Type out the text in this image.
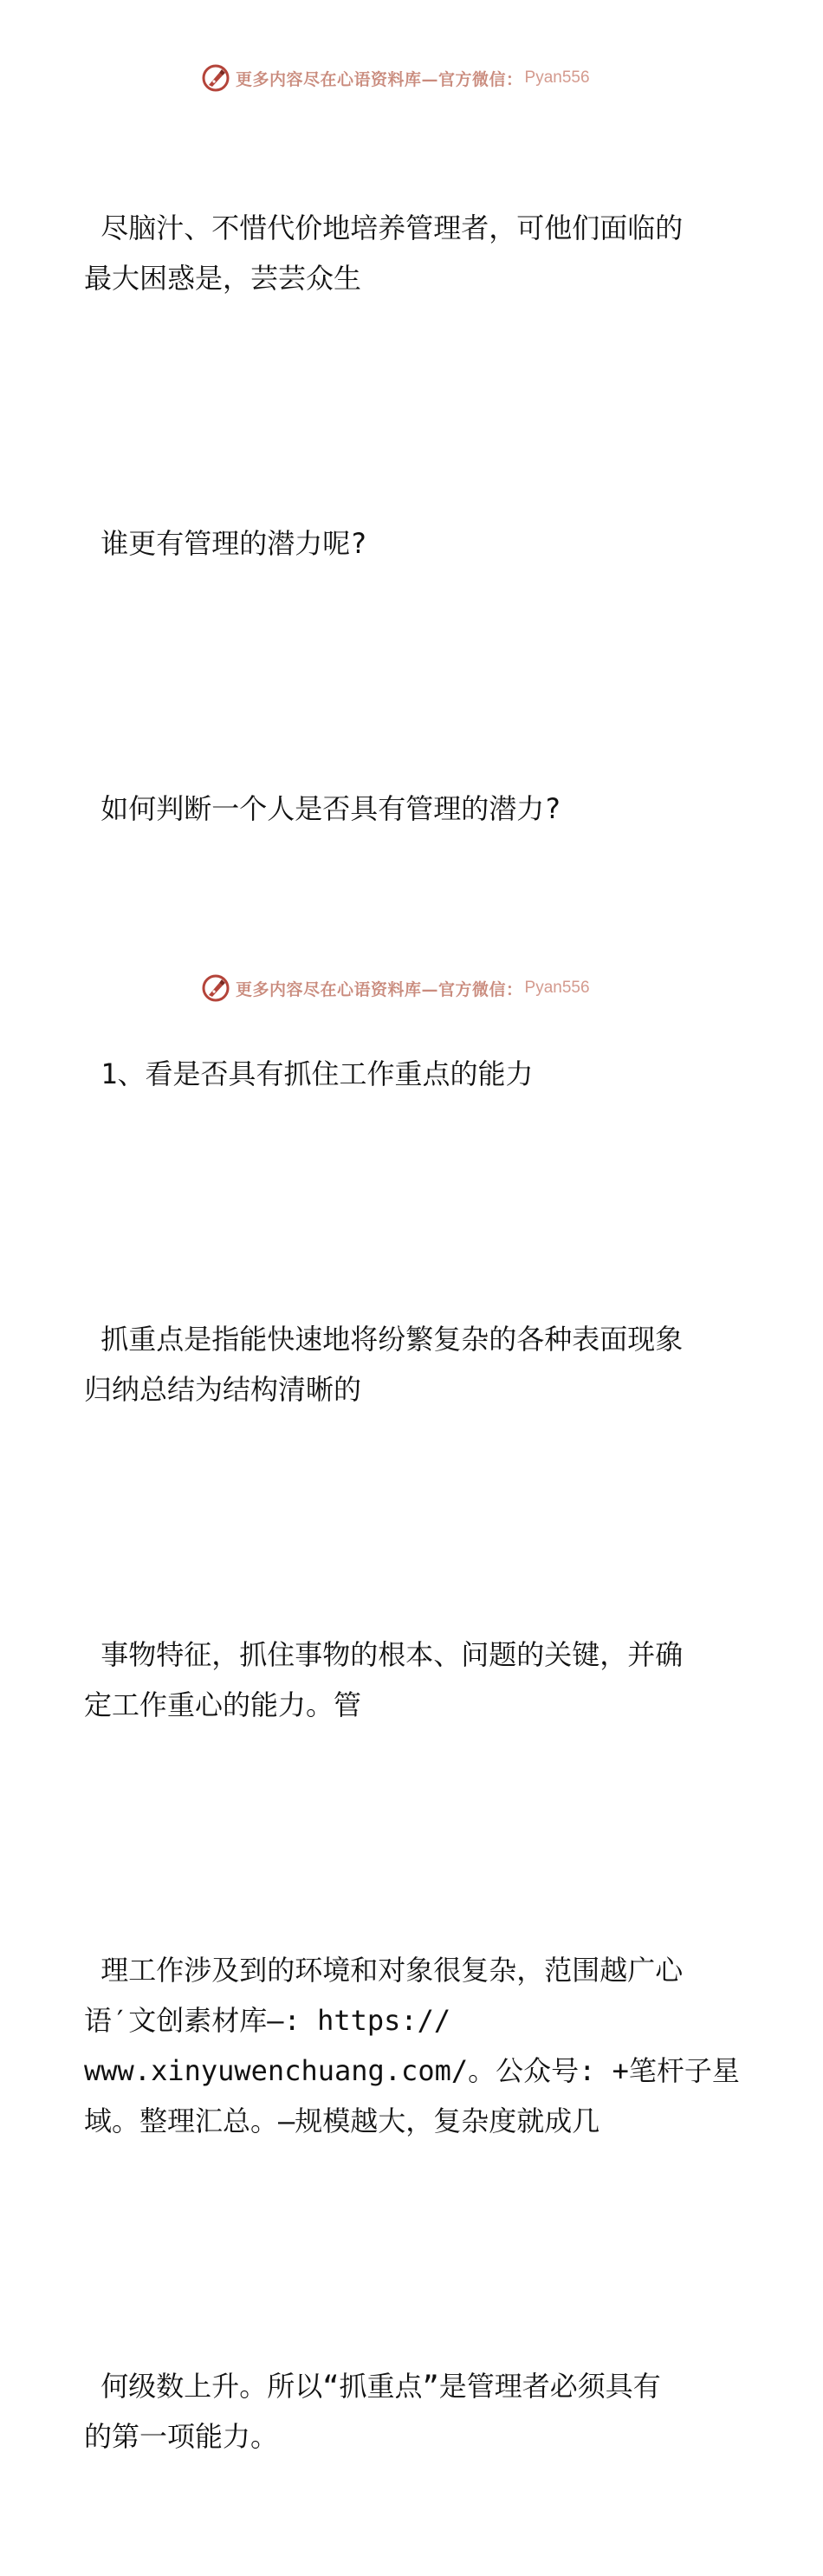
更多内容尽在心语资料库—官方微信： Pyan556

尽脑汁、不惜代价地培养管理者，可他们面临的
最大困惑是，芸芸众生

谁更有管理的潜力呢?

如何判断一个人是否具有管理的潜力?

1、看是否具有抓住工作重点的能力

抓重点是指能快速地将纷繁复杂的各种表面现象
归纳总结为结构清晰的

事物特征，抓住事物的根本、问题的关键，并确
定工作重心的能力。管

理工作涉及到的环境和对象很复杂，范围越广心
语′文创素材库—: https://
www.xinyuwenchuang.com/。公众号: +笔杆子星
域。整理汇总。—规模越大，复杂度就成几

何级数上升。所以“抓重点”是管理者必须具有
的第一项能力。

更多内容尽在心语资料库—官方微信： Pyan556
